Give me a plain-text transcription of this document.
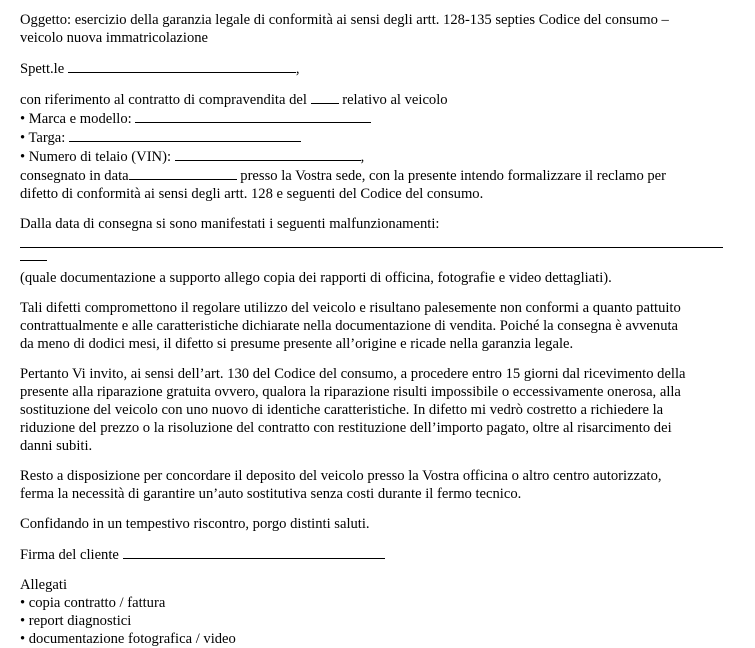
Oggetto: esercizio della garanzia legale di conformità ai sensi degli artt. 128-135 septies Codice del consumo –

veicolo nuova immatricolazione

Spett.le	,

con riferimento al contratto di compravendita del relativo al veicolo

• Marca e modello:

• Targa:

• Numero di telaio (VIN):	,

consegnato in data	presso la Vostra sede, con la presente intendo formalizzare il reclamo per

difetto di conformità ai sensi degli artt. 128 e seguenti del Codice del consumo.

Dalla data di consegna si sono manifestati i seguenti malfunzionamenti:

(quale documentazione a supporto allego copia dei rapporti di officina, fotografie e video dettagliati).

Tali difetti compromettono il regolare utilizzo del veicolo e risultano palesemente non conformi a quanto pattuito

contrattualmente e alle caratteristiche dichiarate nella documentazione di vendita. Poiché la consegna è avvenuta

da meno di dodici mesi, il difetto si presume presente all’origine e ricade nella garanzia legale.

Pertanto Vi invito, ai sensi dell’art. 130 del Codice del consumo, a procedere entro 15 giorni dal ricevimento della

presente alla riparazione gratuita ovvero, qualora la riparazione risulti impossibile o eccessivamente onerosa, alla

sostituzione del veicolo con uno nuovo di identiche caratteristiche. In difetto mi vedrò costretto a richiedere la

riduzione del prezzo o la risoluzione del contratto con restituzione dell’importo pagato, oltre al risarcimento dei

danni subiti.

Resto a disposizione per concordare il deposito del veicolo presso la Vostra officina o altro centro autorizzato,

ferma la necessità di garantire un’auto sostitutiva senza costi durante il fermo tecnico.

Confidando in un tempestivo riscontro, porgo distinti saluti.

Firma del cliente

Allegati

• copia contratto / fattura

• report diagnostici

• documentazione fotografica / video
